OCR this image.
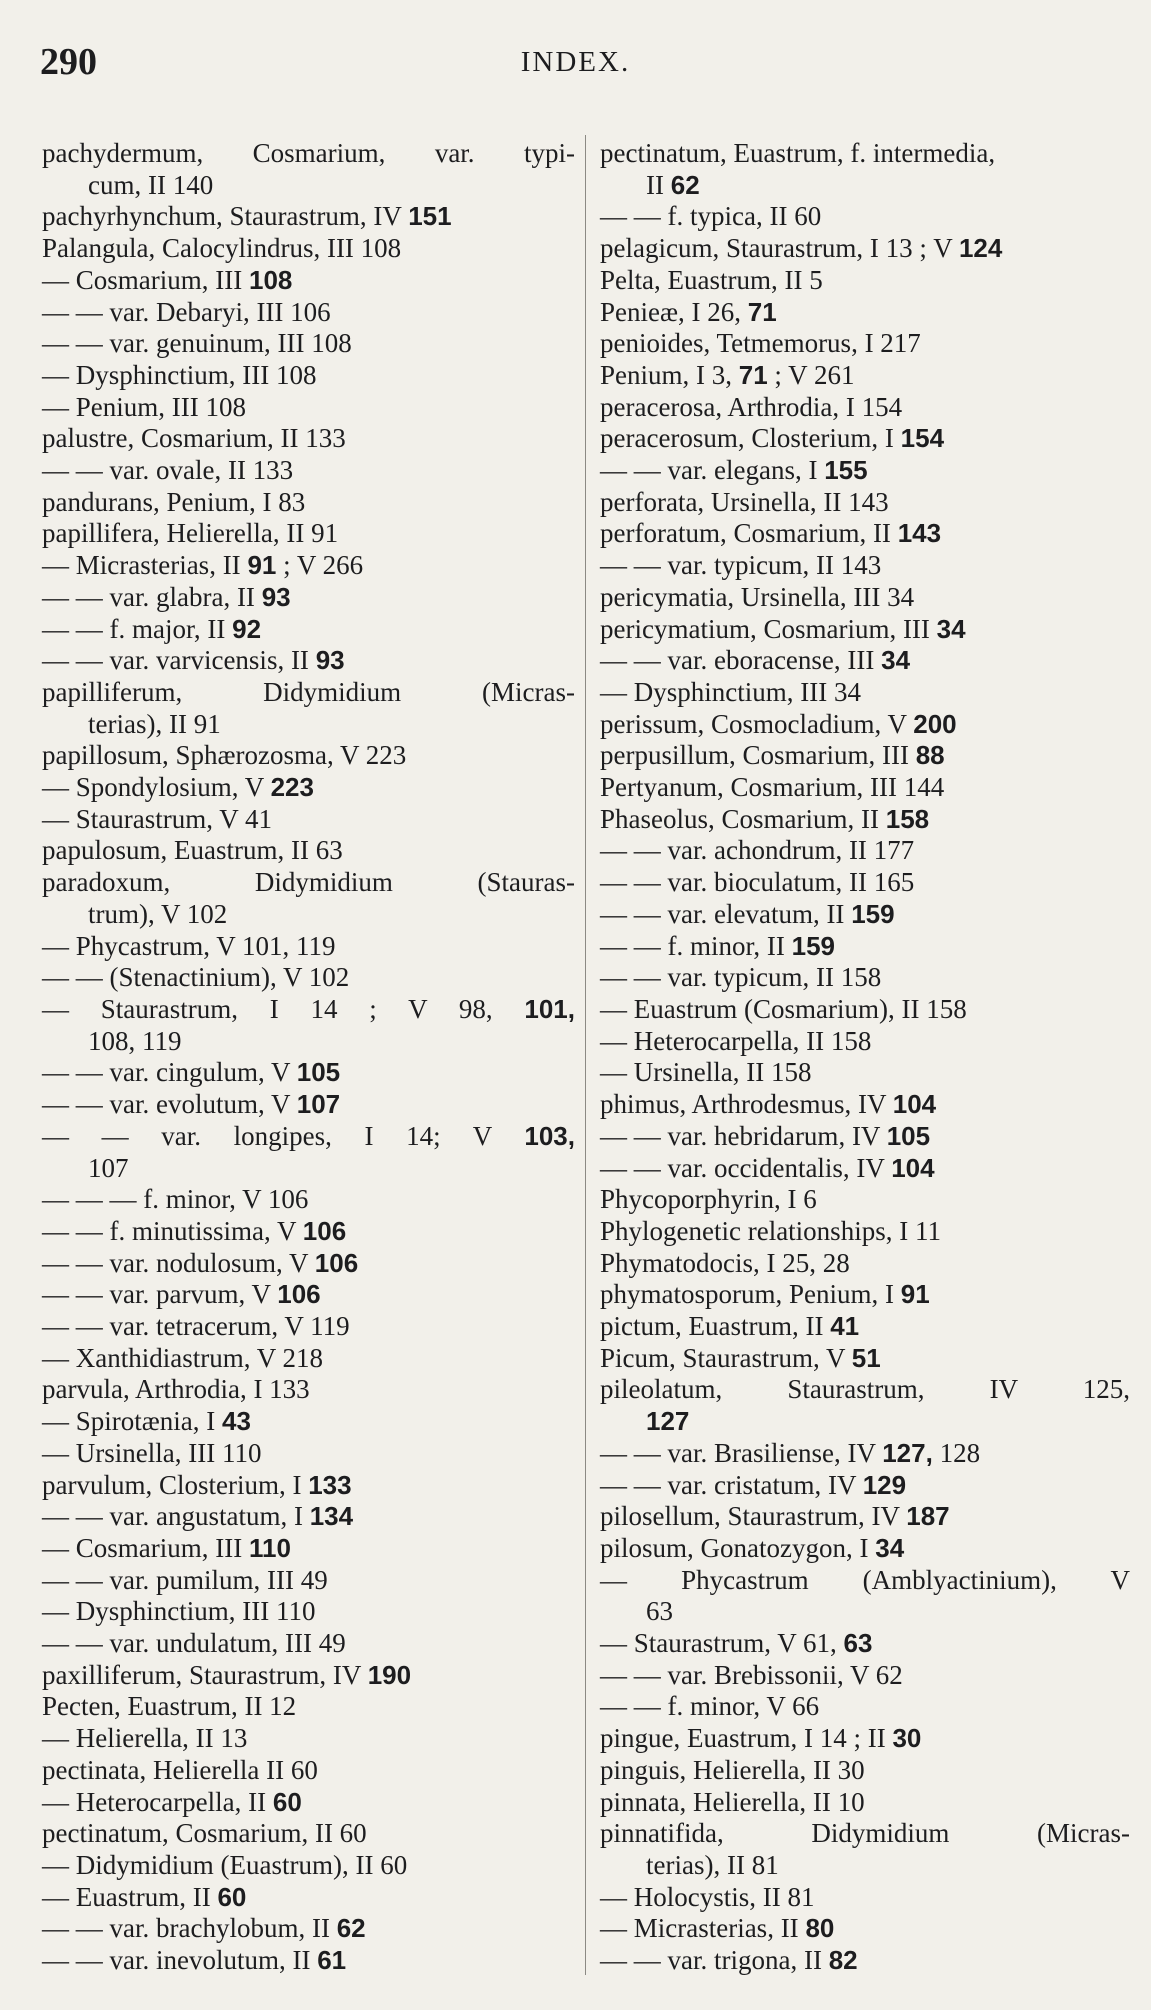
290	INDEX.
pachydermum, Cosmarium, var. typi-
cum, II 140
pachyrhynchum, Staurastrum, IV 151
Palangula, Calocylindrus, III 108
— Cosmarium, III 108
— — var. Debaryi, III 106
— — var. genuinum, III 108
— Dysphinctium, III 108
— Penium, III 108
palustre, Cosmarium, II 133
— — var. ovale, II 133
pandurans, Penium, I 83
papillifera, Helierella, II 91
— Micrasterias, II 91 ; V 266
— — var. glabra, II 93
— — f. major, II 92
— — var. varvicensis, II 93
papilliferum, Didymidium (Micras-
terias), II 91
papillosum, Sphærozosma, V 223
— Spondylosium, V 223
— Staurastrum, V 41
papulosum, Euastrum, II 63
paradoxum, Didymidium (Stauras-
trum), V 102
— Phycastrum, V 101, 119
— — (Stenactinium), V 102
— Staurastrum, I 14 ; V 98, 101,
108, 119
— — var. cingulum, V 105
— — var. evolutum, V 107
— — var. longipes, I 14; V 103,
107
— — — f. minor, V 106
— — f. minutissima, V 106
— — var. nodulosum, V 106
— — var. parvum, V 106
— — var. tetracerum, V 119
— Xanthidiastrum, V 218
parvula, Arthrodia, I 133
— Spirotænia, I 43
— Ursinella, III 110
parvulum, Closterium, I 133
— — var. angustatum, I 134
— Cosmarium, III 110
— — var. pumilum, III 49
— Dysphinctium, III 110
— — var. undulatum, III 49
paxilliferum, Staurastrum, IV 190
Pecten, Euastrum, II 12
— Helierella, II 13
pectinata, Helierella II 60
— Heterocarpella, II 60
pectinatum, Cosmarium, II 60
— Didymidium (Euastrum), II 60
— Euastrum, II 60
— — var. brachylobum, II 62
— — var. inevolutum, II 61
pectinatum, Euastrum, f. intermedia,
II 62
— — f. typica, II 60
pelagicum, Staurastrum, I 13 ; V 124
Pelta, Euastrum, II 5
Penieæ, I 26, 71
penioides, Tetmemorus, I 217
Penium, I 3, 71 ; V 261
peracerosa, Arthrodia, I 154
peracerosum, Closterium, I 154
— — var. elegans, I 155
perforata, Ursinella, II 143
perforatum, Cosmarium, II 143
— — var. typicum, II 143
pericymatia, Ursinella, III 34
pericymatium, Cosmarium, III 34
— — var. eboracense, III 34
— Dysphinctium, III 34
perissum, Cosmocladium, V 200
perpusillum, Cosmarium, III 88
Pertyanum, Cosmarium, III 144
Phaseolus, Cosmarium, II 158
— — var. achondrum, II 177
— — var. bioculatum, II 165
— — var. elevatum, II 159
— — f. minor, II 159
— — var. typicum, II 158
— Euastrum (Cosmarium), II 158
— Heterocarpella, II 158
— Ursinella, II 158
phimus, Arthrodesmus, IV 104
— — var. hebridarum, IV 105
— — var. occidentalis, IV 104
Phycoporphyrin, I 6
Phylogenetic relationships, I 11
Phymatodocis, I 25, 28
phymatosporum, Penium, I 91
pictum, Euastrum, II 41
Picum, Staurastrum, V 51
pileolatum, Staurastrum, IV 125,
127
— — var. Brasiliense, IV 127, 128
— — var. cristatum, IV 129
pilosellum, Staurastrum, IV 187
pilosum, Gonatozygon, I 34
— Phycastrum (Amblyactinium), V
63
— Staurastrum, V 61, 63
— — var. Brebissonii, V 62
— — f. minor, V 66
pingue, Euastrum, I 14 ; II 30
pinguis, Helierella, II 30
pinnata, Helierella, II 10
pinnatifida, Didymidium (Micras-
terias), II 81
— Holocystis, II 81
— Micrasterias, II 80
— — var. trigona, II 82
